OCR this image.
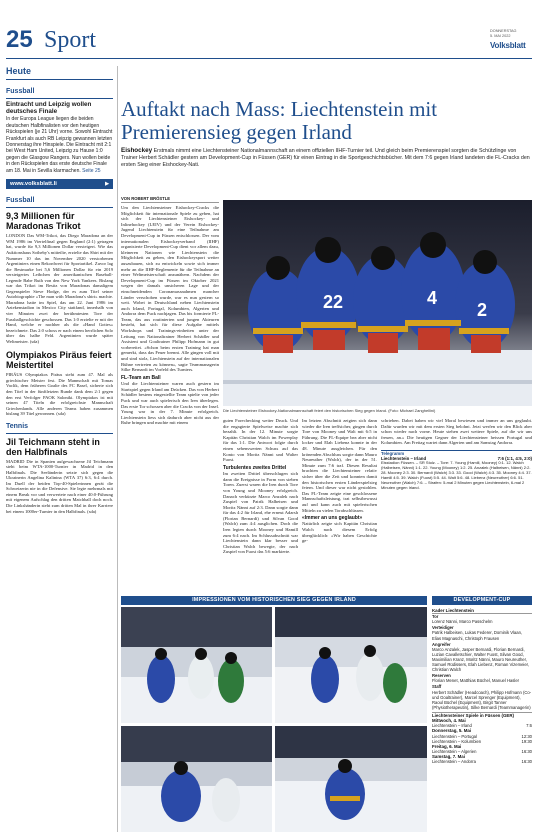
25 Sport	DONNERSTAG
5. MAI 2022
Volksblatt
Heute
Fussball
Eintracht und Leipzig wollen deutsches Finale
In der Europa League liegen die beiden deutschen Halbfinalisten vor den heutigen Rückspielen (je 21 Uhr) vorne. Sowohl Eintracht Frankfurt als auch RB Leipzig gewannen letzten Donnerstag ihre Hinspiele. Die Eintracht mit 2:1 bei West Ham United, Leipzig zu Hause 1:0 gegen die Glasgow Rangers. Nun wollen beide in den Rückspielen das erste deutsche Finale am 18. Mai in Sevilla klarmachen. Seite 25
www.volksblatt.li	▶
Fussball
9,3 Millionen für Maradonas Trikot
LONDON Das WM-Trikot, das Diego Maradona an der WM 1986 im Viertelfinal gegen England (2:1) getragen hat, wurde für 9,3 Millionen Dollar versteigert. Wie das Auktionshaus Sotheby's mitteilte, erzielte das Shirt mit der Nummer 10 das im November 2020 verstorbenen Argentiniers einen Rekordwert für Sportartikel. Zuvor lag die Bestmarke bei 5,6 Millionen Dollar für ein 2019 versteigertes Leibchen der amerikanischen Baseball-Legende Babe Ruth von den New York Yankees. Bislang war das Trikot im Besitz von Maradonas damaligem Gegenspieler Steve Hodge, der es zum Titel seiner Autobiographie «The man with Maradona's shirt» machte. Maradona hatte im Spiel, das am 22. Juni 1986 im Aztekenstadion in Mexico City stattfand, innerhalb von vier Minuten zwei der berühmtesten Tore der Fussballgeschichte geschossen. Das 1:0 erzielte er mit der Hand, welche er nachher als die «Hand Gottes» bezeichnete. Das 2:0 schoss er nach einem herrlichen Solo über das halbe Feld. Argentinien wurde später Weltmeister. (sda)
Olympiakos Piräus feiert Meistertitel
PIRÄUS Olympiakos Piräus steht zum 47. Mal als griechischer Meister fest. Die Mannschaft mit Tomas Vaclik, dem früheren Goalie des FC Basel, sicherte sich den Titel in der fünftletzten Runde dank dem 2:1 gegen den erst Verfolger PAOK Saloniki. Olympiakos ist mit seinen 47 Titeln die erfolgreichste Mannschaft Griechenlands. Alle anderen Teams haben zusammen bislang 39 Titel gewonnen. (sda)
Tennis
Jil Teichmann steht in den Halbfinals
MADRID Die in Spanien aufgewachsene Jil Teichmann steht beim WTA-1000-Turnier in Madrid in den Halbfinals. Die Seeländerin setzte sich gegen die Ukrainerin Angelina Kalinina (WTA 37) 6:3, 6:4 durch. Im Duell der beiden Top-40-Spielerinnen gerät die Schweizerin nie in die Defensive. Sie legte mehrmals mit einem Break vor und verwertete nach einer 40:0-Führung mit eigenem Aufschlag den dritten Matchball doch noch. Die Linkshänderin steht zum dritten Mal in ihrer Karriere bei einem 1000er-Turnier in den Halbfinals. (sda)
Auftakt nach Mass: Liechtenstein mit Premierensieg gegen Irland
Eishockey Erstmals nimmt eine Liechtensteiner Nationalmannschaft an einem offiziellen IIHF-Turnier teil. Und gleich beim Premierenspiel sorgten die Schützlinge von Trainer Herbert Schädler gestern am Development-Cup in Füssen (GER) für einen Eintrag in die Sportgeschichtsbücher. Mit dem 7:6 gegen Irland landeten die FL-Cracks den ersten Sieg einer Eishockey-Nati.
VON ROBERT BRÖSTLE
Um den Liechtensteiner Eishockey-Cracks die Möglichkeit für internationale Spiele zu geben, hat sich der Liechtensteiner Eishockey- und Inlinehockey (LEIV) und der Verein Eishockey-Jugend Liechtenstein für eine Teilnahme am Development-Cup in Füssen entschlossen. Der vom internationalen Eishockeyverband (IIHF) organisierte Development-Cup dient vor allem dazu, kleineren Nationen wie Liechtenstein die Möglichkeit zu geben, den Eishockeysport weiter auszubauen, sich zu entwickeln sowie sich immer mehr an die IIHF-Reglemente für die Teilnahme an einer Weltmeisterschaft anzunähern. Nachdem der Development-Cup im Füssen im Oktober 2021 wegen der damals unsicheren Lage und der einschneidenden Coronamassnahmen mancher Länder verschoben wurde, war es nun gestern so weit. Wobei in Deutschland neben Liechtenstein auch Irland, Portugal, Kolumbien, Algerien und Andorra dem Puck nachjagen. Das bis formierte FL-Team, das aus routinierten und jungen Akteuren besteht, hat sich für diese Aufgabe mittels Workshops und Trainings-einheiten unter der Leitung von Nationaltrainer Herbert Schädler und Assistent und Goaltrainer Philipp Hofmann in gut vorbereitet. «Schon beim ersten Training hat man gemerkt, dass das Feuer brennt. Alle gingen voll mit und sind stolz, Liechtenstein auf der internationalen Bühne vertreten zu können», sagte Teammanagerin Silke Bernardi im Vorfeld des Turniers.
FL-Team am Ball
Und die Liechtensteiner waren auch gestern im Startspiel gegen Irland am Drücken. Das von Herbert Schädler bestens eingestellte Team spielte von jeder Puck und war auch spielerisch den Iren überlegen. Das erste Tor schossen aber die Cracks von der Insel. Young war in der 7. Minute erfolgreich. Liechtenstein liess sich dadurch aber nicht aus der Ruhe bringen und machte mit einem
22	4
2
Die Liechtensteiner Eishockey-Nationalmannschaft feiert den historischen Sieg gegen Irland. (Foto: Michael Zanghellini)
guten Forechecking weiter Druck. Und die engagierte Spielweise machte sich bezahlt. In der 12. Minute sorgte Kapitän Christian Walch im Powerplay für das 1:1. Die Antwort folgte durch einen sehenswerten Schuss auf das Konto von Moritz Nänni und Walter Fuost.
Turbulentes zweites Drittel
Im zweiten Drittel überschlugen sich dann die Ereignisse in Form von sieben Toren. Zuerst waren die Iren durch Tore von Young und Mooney erfolgreich. Danach verkürzte Marco Anzalek nach Zuspiel von Patrik Halbeisen und Moritz Nänni auf 2:3. Dann sorgte dann für das 4:2 für Irland, ehe erneut Adarsh (Florian Bernardi) und Silvan Good (Walch) zum 4:4 ausglichen. Doch die Iren legten durch Mooney und Hamill zum 6:4 nach. Im Schlussabschnitt war Liechtenstein dann klar besser und Christian Walch bewegte, der nach Zuspiel von Fuost das 5:6 markierte.
Im letzten Abschnitt zeigten sich dann wieder die Iren treffsicher, gingen durch Tore von Mooney und Walt mit 6:5 in Führung. Die FL-Equipe bea aber nicht locker und Elah Liebenz konnte in der 48. Minute ausgleichen. Für den krönenden Abschluss sorgte dann Mauro Neureuther (Walch), der in der 51. Minute zum 7:6 traf. Diesen Resultat brachten die Liechtensteiner relativ sicher über die Zeit und konnten damit den historischen ersten Länderspielsieg feiern. Und dieser war nicht gestohlen. Das FL-Team zeigte eine geschlossene Mannschaftsleistung, trat selbstbewusst auf und kann auch mit spielerischen Mitteln zu vielen Torabschlüssen.
«Immer an uns geglaubt»
Natürlich zeigte sich Kapitän Christian Walch nach diesem Erfolg überglücklich: «Wir haben Geschichte ge-
schrieben. Dabei haben wir viel Moral bewiesen und immer an uns geglaubt. Dafür wurden wir mit dem ersten Sieg belohnt. Jetzt werfen wir den Blick aber schon wieder nach vorne. Heute stehen zwei weitere Spiele, auf die wir uns freuen, an.» Die heutigen Gegner der Liechtensteiner heissen Portugal und Kolumbien. Am Freitag wartet dann Algerien und am Samstag Andorra.
Telegramm
Liechtenstein – Irland	7:6 (1:1, 4:5, 2:0)
Eisstadion Füssen. – SR Stolz. – Tore: 7. Young (Hamill, Mooney) 0:1. 12. Walch (Halbeisen, Nänni) 1:1. 22. Young (Mooney) 1:2. 25. Anzalek (Halbeisen, Nänni) 2:2. 28. Mooney 2:3. 30. Bernardi (Walch) 3:3. 33. Good (Walch) 4:3. 35. Mooney 4:4. 37. Hamill 4:5. 39. Walch (Fuost) 5:5. 44. Walt 5:6. 48. Liebenz (Neureuther) 6:6. 51. Neureuther (Walch) 7:6. – Strafen: 5-mal 2 Minuten gegen Liechtenstein, 6-mal 2 Minuten gegen Irland.
IMPRESSIONEN VOM HISTORISCHEN SIEG GEGEN IRLAND	DEVELOPMENT-CUP
Kader Liechtenstein
Tor
Lorenz Nänni, Marco Passchelm
Verteidiger
Patrik Halbeisen, Lukas Federer, Dominik Vlaan, Elias Magnaschi, Christoph Frausen
Angreifer
Marco Anzalek, Jasper Bernardi, Florian Bernardi, Luzian Cavalletschier, Walter Fuost, Silvan Good, Maximilian Kranz, Moritz Nänni, Mauro Neureuther, Samuel Rüdissers, Elah Liebenz, Roman Vizemeier, Christian Walch
Reserven
Florian Menet, Matthias Büchel, Manuel Hasler
Staff
Herbert Schädler (Headcoach), Philipp Hofmann (Co- und Goaltrainer), Marcel Sprenger (Equipment), Raoul Büchel (Equipment), Birgit Tanner (Physiotherapeutin), Silke Bernardi (Teammanagerin)
Liechtensteiner Spiele in Füssen (GER)
Mittwoch, 4. Mai
Liechtenstein – Irland	7:6
Donnerstag, 5. Mai
Liechtenstein – Portugal	12:30
Liechtenstein – Kolumbien	19:30
Freitag, 6. Mai
Liechtenstein – Algerien	16:30
Samstag, 7. Mai
Liechtenstein – Andorra	16:30
